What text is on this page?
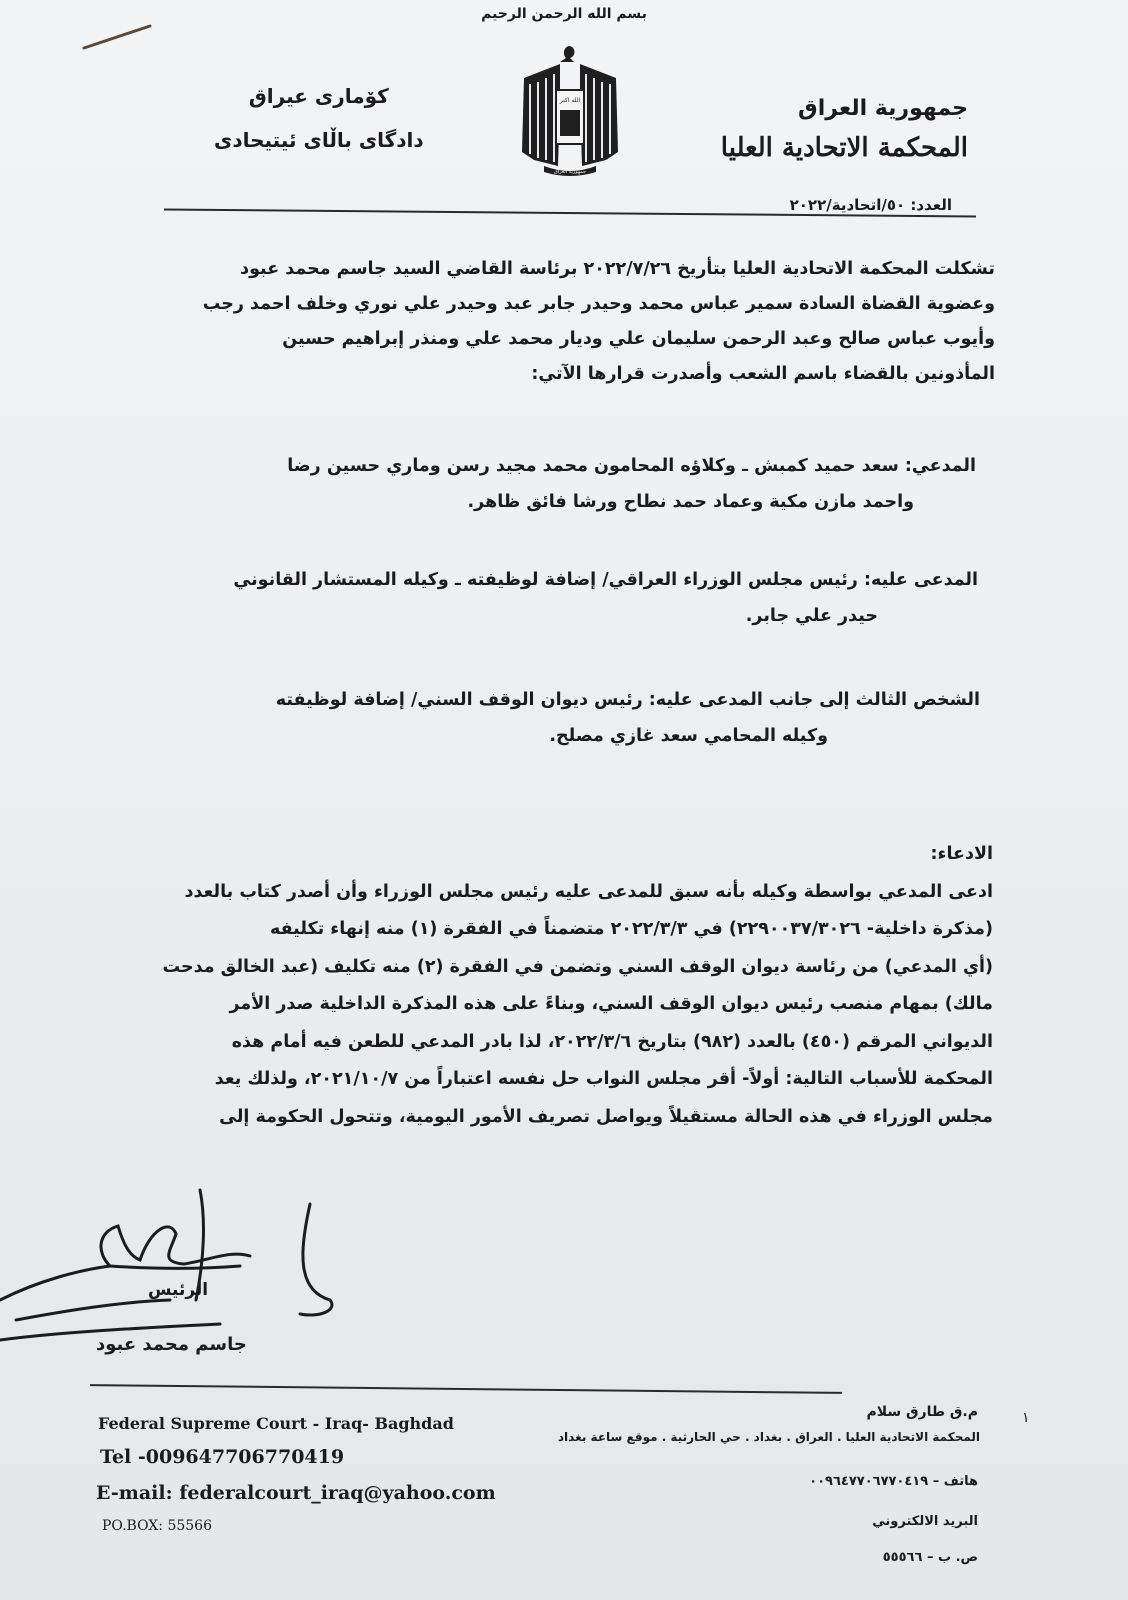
بسم الله الرحمن الرحيم
جمهورية العراق
المحكمة الاتحادية العليا
الله اكبر
جمهورية العراق
كۆماری عیراق
دادگای باڵای ئیتیحادی
العدد: ٥٠/اتحادية/٢٠٢٢

تشكلت المحكمة الاتحادية العليا بتأريخ ٢٠٢٢/٧/٢٦ برئاسة القاضي السيد جاسم محمد عبود

وعضوية القضاة السادة سمير عباس محمد وحيدر جابر عبد وحيدر علي نوري وخلف احمد رجب

وأيوب عباس صالح وعبد الرحمن سليمان علي وديار محمد علي ومنذر إبراهيم حسين

المأذونين بالقضاء باسم الشعب وأصدرت قرارها الآتي:

المدعي: سعد حميد كمبش ـ وكلاؤه المحامون محمد مجيد رسن وماري حسين رضا
واحمد مازن مكية وعماد حمد نطاح ورشا فائق ظاهر.
المدعى عليه: رئيس مجلس الوزراء العراقي/ إضافة لوظيفته ـ وكيله المستشار القانوني
حيدر علي جابر.
الشخص الثالث إلى جانب المدعى عليه: رئيس ديوان الوقف السني/ إضافة لوظيفته
وكيله المحامي سعد غازي مصلح.

الادعاء:

ادعى المدعي بواسطة وكيله بأنه سبق للمدعى عليه رئيس مجلس الوزراء وأن أصدر كتاب بالعدد

(مذكرة داخلية- ٢٢٩٠٠٣٧/٣٠٢٦) في ٢٠٢٢/٣/٣ متضمناً في الفقرة (١) منه إنهاء تكليفه

(أي المدعي) من رئاسة ديوان الوقف السني وتضمن في الفقرة (٢) منه تكليف (عبد الخالق مدحت

مالك) بمهام منصب رئيس ديوان الوقف السني، وبناءً على هذه المذكرة الداخلية صدر الأمر

الديواني المرقم (٤٥٠) بالعدد (٩٨٢) بتاريخ ٢٠٢٢/٣/٦، لذا بادر المدعي للطعن فيه أمام هذه

المحكمة للأسباب التالية: أولاً- أقر مجلس النواب حل نفسه اعتباراً من ٢٠٢١/١٠/٧، ولذلك يعد

مجلس الوزراء في هذه الحالة مستقيلاً ويواصل تصريف الأمور اليومية، وتتحول الحكومة إلى

الرئيس
جاسم محمد عبود
Federal Supreme Court - Iraq- Baghdad
Tel -009647706770419
E-mail: federalcourt_iraq@yahoo.com
PO.BOX: 55566
١
م.ق طارق سلام
المحكمة الاتحادية العليا . العراق . بغداد . حي الحارثية . موقع ساعة بغداد
هاتف – ٠٠٩٦٤٧٧٠٦٧٧٠٤١٩
البريد الالكتروني
ص. ب – ٥٥٥٦٦
